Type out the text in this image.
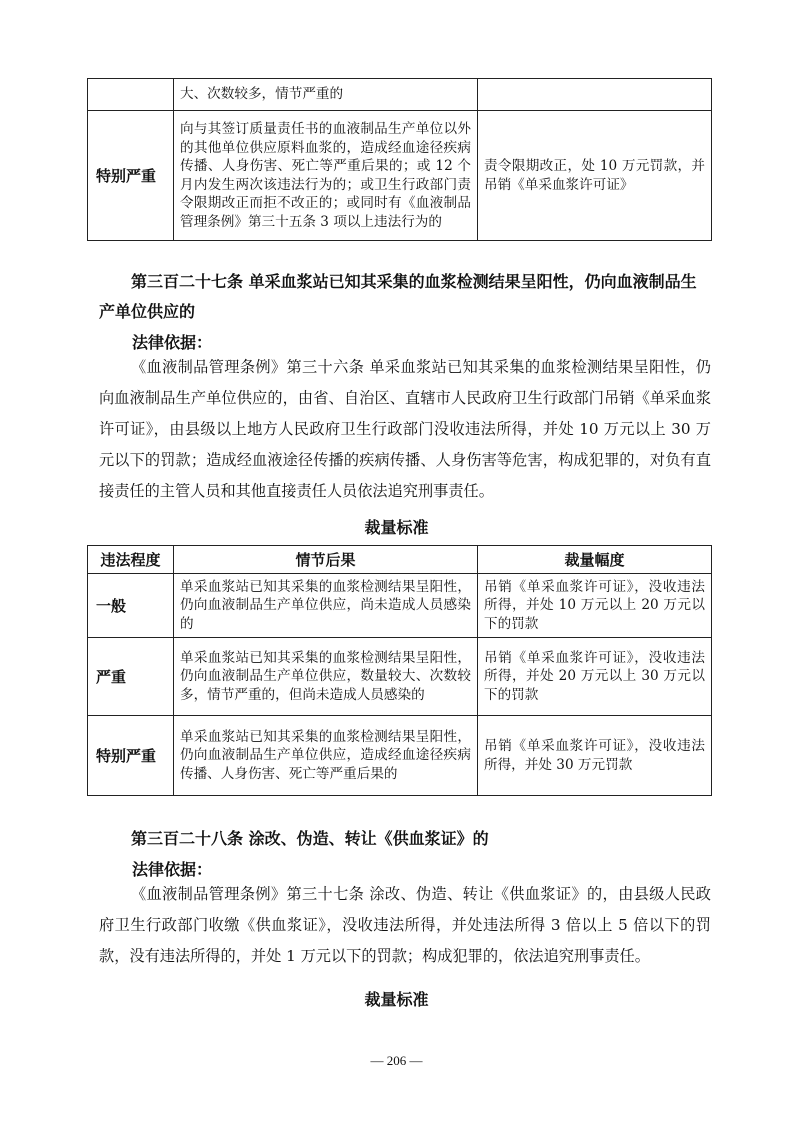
	大、次数较多，情节严重的	
特别严重	向与其签订质量责任书的血液制品生产单位以外的其他单位供应原料血浆的，造成经血途径疾病传播、人身伤害、死亡等严重后果的；或 12 个月内发生两次该违法行为的；或卫生行政部门责令限期改正而拒不改正的；或同时有《血液制品管理条例》第三十五条 3 项以上违法行为的	责令限期改正，处 10 万元罚款，并吊销《单采血浆许可证》
第三百二十七条 单采血浆站已知其采集的血浆检测结果呈阳性，仍向血液制品生产单位供应的
法律依据：

《血液制品管理条例》第三十六条 单采血浆站已知其采集的血浆检测结果呈阳性，仍向血液制品生产单位供应的，由省、自治区、直辖市人民政府卫生行政部门吊销《单采血浆许可证》，由县级以上地方人民政府卫生行政部门没收违法所得，并处 10 万元以上 30 万元以下的罚款；造成经血液途径传播的疾病传播、人身伤害等危害，构成犯罪的，对负有直接责任的主管人员和其他直接责任人员依法追究刑事责任。

裁量标准
违法程度	情节后果	裁量幅度
一般	单采血浆站已知其采集的血浆检测结果呈阳性，仍向血液制品生产单位供应，尚未造成人员感染的	吊销《单采血浆许可证》，没收违法所得，并处 10 万元以上 20 万元以下的罚款
严重	单采血浆站已知其采集的血浆检测结果呈阳性，仍向血液制品生产单位供应，数量较大、次数较多，情节严重的，但尚未造成人员感染的	吊销《单采血浆许可证》，没收违法所得，并处 20 万元以上 30 万元以下的罚款
特别严重	单采血浆站已知其采集的血浆检测结果呈阳性，仍向血液制品生产单位供应，造成经血途径疾病传播、人身伤害、死亡等严重后果的	吊销《单采血浆许可证》，没收违法所得，并处 30 万元罚款
第三百二十八条 涂改、伪造、转让《供血浆证》的
法律依据：

《血液制品管理条例》第三十七条 涂改、伪造、转让《供血浆证》的，由县级人民政府卫生行政部门收缴《供血浆证》，没收违法所得，并处违法所得 3 倍以上 5 倍以下的罚款，没有违法所得的，并处 1 万元以下的罚款；构成犯罪的，依法追究刑事责任。

裁量标准
— 206 —
